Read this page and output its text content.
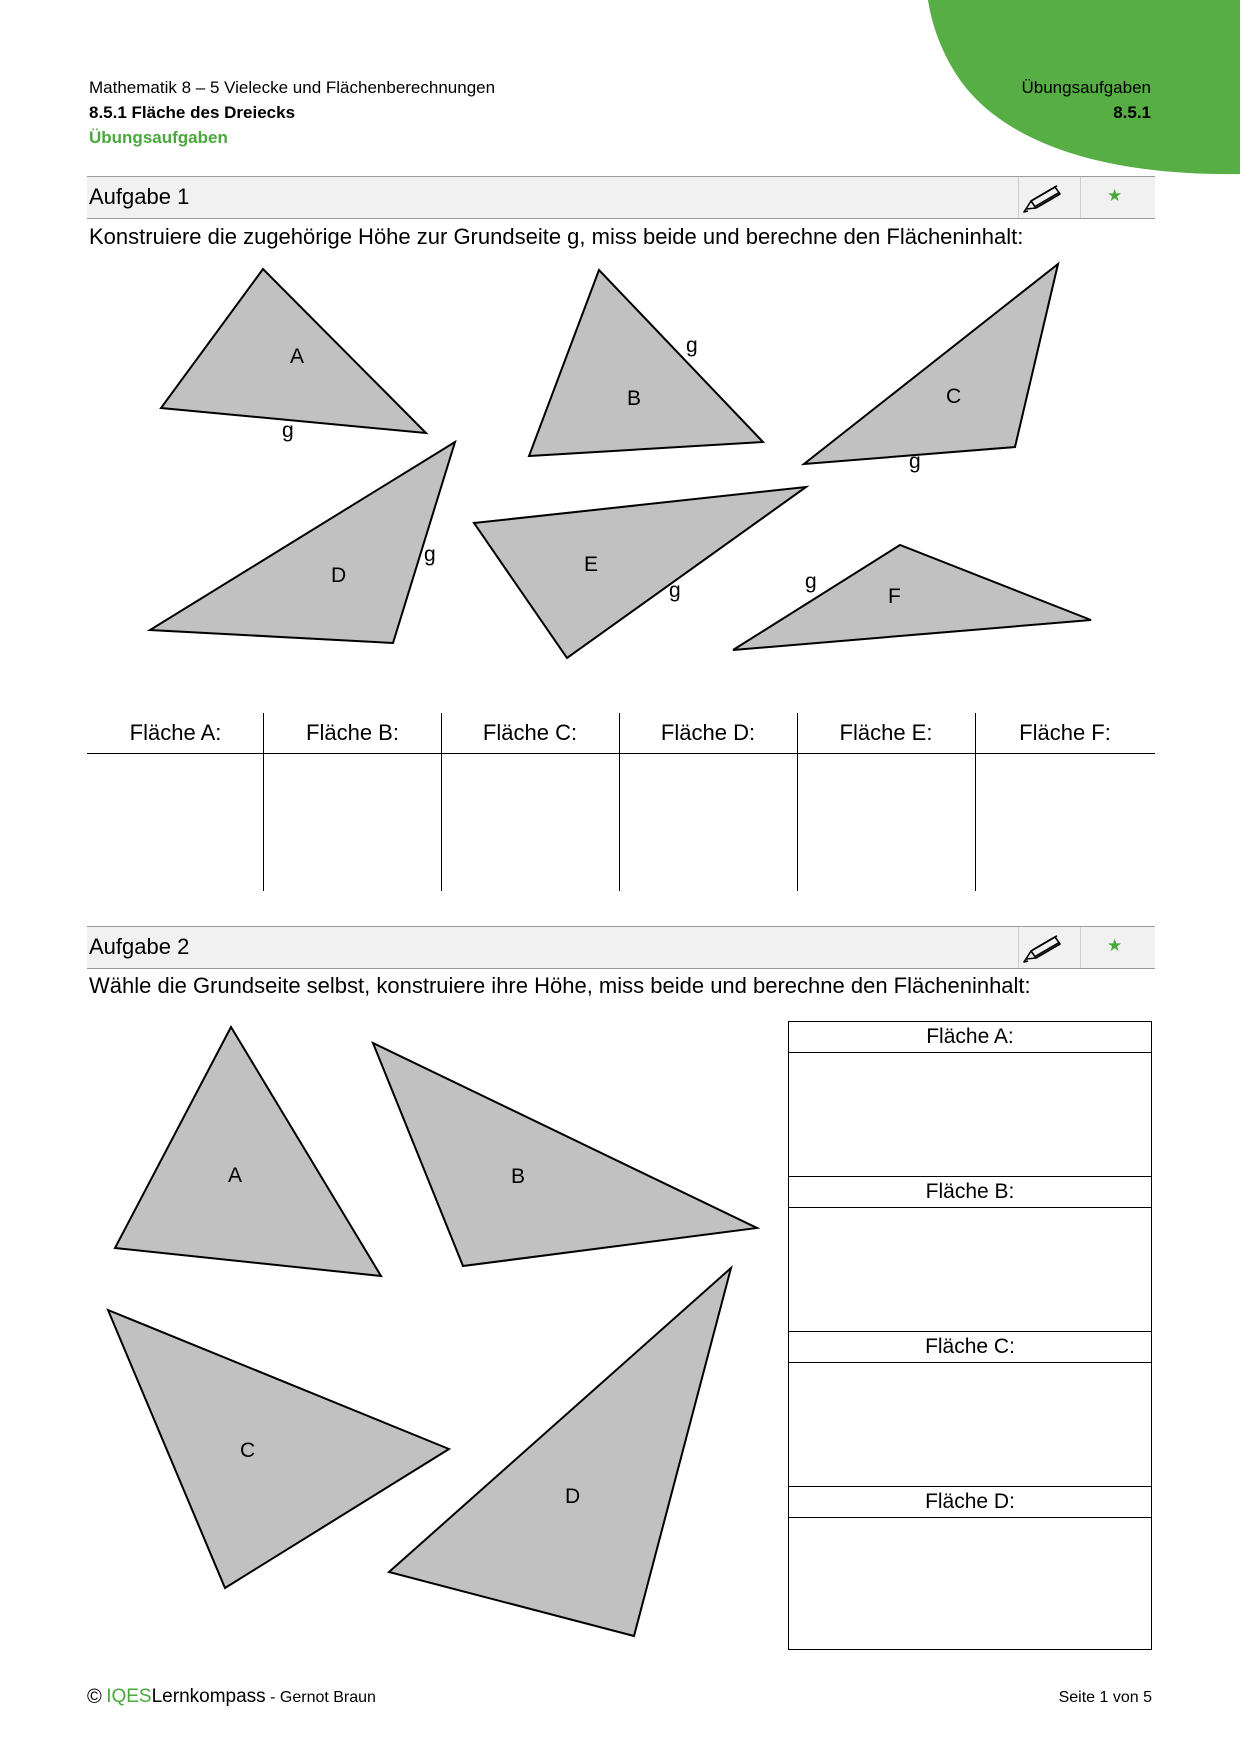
Mathematik 8 – 5 Vielecke und Flächenberechnungen
8.5.1 Fläche des Dreiecks
Übungsaufgaben
Übungsaufgaben
8.5.1
Aufgabe 1	★
Konstruiere die zugehörige Höhe zur Grundseite g, miss beide und berechne den Flächeninhalt:
A
B	C
D	E
F
g
g
g
g
g	g
A	B
C
D
Fläche A:	Fläche B:	Fläche C:	Fläche D:	Fläche E:	Fläche F:
Aufgabe 2	★
Wähle die Grundseite selbst, konstruiere ihre Höhe, miss beide und berechne den Flächeninhalt:
Fläche A:
Fläche B:
Fläche C:
Fläche D:
© IQESLernkompass - Gernot Braun	Seite 1 von 5
